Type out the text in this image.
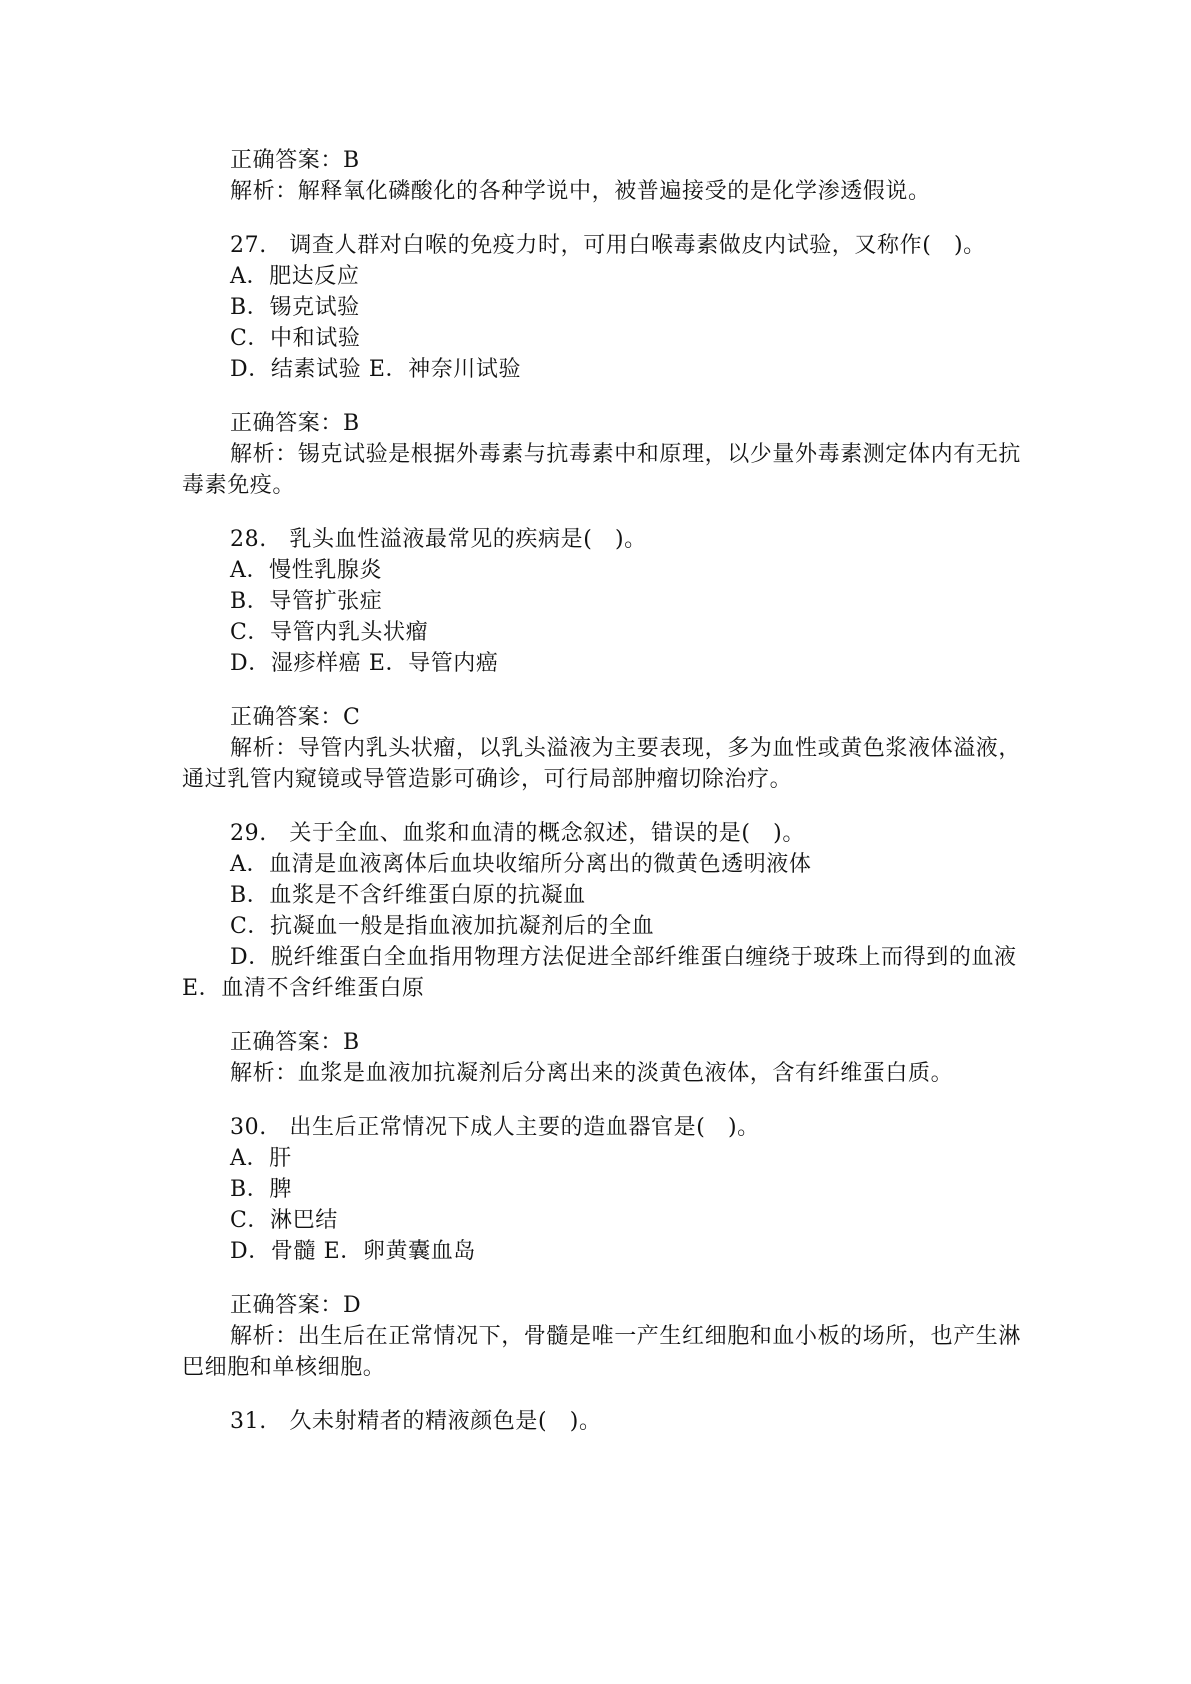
正确答案：B
解析：解释氧化磷酸化的各种学说中，被普遍接受的是化学渗透假说。
27.　调查人群对白喉的免疫力时，可用白喉毒素做皮内试验，又称作(　)。
A．肥达反应
B．锡克试验
C．中和试验
D．结素试验 E．神奈川试验
正确答案：B
解析：锡克试验是根据外毒素与抗毒素中和原理，以少量外毒素测定体内有无抗毒素免疫。
28.　乳头血性溢液最常见的疾病是(　)。
A．慢性乳腺炎
B．导管扩张症
C．导管内乳头状瘤
D．湿疹样癌 E．导管内癌
正确答案：C
解析：导管内乳头状瘤，以乳头溢液为主要表现，多为血性或黄色浆液体溢液，通过乳管内窥镜或导管造影可确诊，可行局部肿瘤切除治疗。
29.　关于全血、血浆和血清的概念叙述，错误的是(　)。
A．血清是血液离体后血块收缩所分离出的微黄色透明液体
B．血浆是不含纤维蛋白原的抗凝血
C．抗凝血一般是指血液加抗凝剂后的全血
D．脱纤维蛋白全血指用物理方法促进全部纤维蛋白缠绕于玻珠上而得到的血液 E．血清不含纤维蛋白原
正确答案：B
解析：血浆是血液加抗凝剂后分离出来的淡黄色液体，含有纤维蛋白质。
30.　出生后正常情况下成人主要的造血器官是(　)。
A．肝
B．脾
C．淋巴结
D．骨髓 E．卵黄囊血岛
正确答案：D
解析：出生后在正常情况下，骨髓是唯一产生红细胞和血小板的场所，也产生淋巴细胞和单核细胞。
31.　久未射精者的精液颜色是(　)。
